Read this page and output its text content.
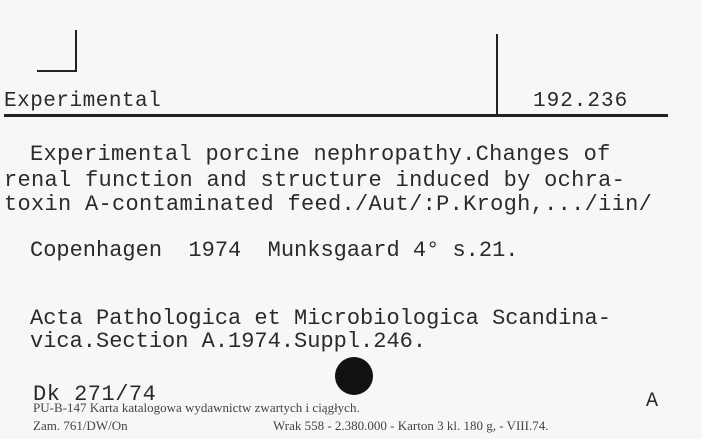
Experimental	192.236
Experimental porcine nephropathy.Changes of
renal function and structure induced by ochra-
toxin A-contaminated feed./Aut/:P.Krogh,.../iin/
Copenhagen  1974  Munksgaard 4° s.21.
Acta Pathologica et Microbiologica Scandina-
vica.Section A.1974.Suppl.246.
Dk 271/74	A
PU-B-147 Karta katalogowa wydawnictw zwartych i ciągłych.
Zam. 761/DW/On	Wrak 558 - 2.380.000 - Karton 3 kl. 180 g, - VIII.74.
